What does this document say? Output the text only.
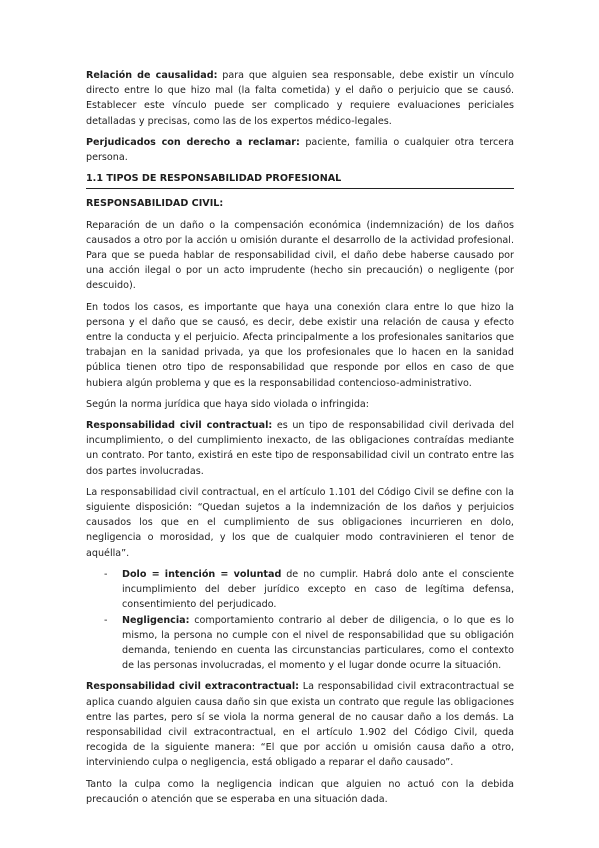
Relación de causalidad: para que alguien sea responsable, debe existir un vínculo directo entre lo que hizo mal (la falta cometida) y el daño o perjuicio que se causó. Establecer este vínculo puede ser complicado y requiere evaluaciones periciales detalladas y precisas, como las de los expertos médico-legales.

Perjudicados con derecho a reclamar: paciente, familia o cualquier otra tercera persona.

1.1 TIPOS DE RESPONSABILIDAD PROFESIONAL
RESPONSABILIDAD CIVIL:

Reparación de un daño o la compensación económica (indemnización) de los daños causados a otro por la acción u omisión durante el desarrollo de la actividad profesional. Para que se pueda hablar de responsabilidad civil, el daño debe haberse causado por una acción ilegal o por un acto imprudente (hecho sin precaución) o negligente (por descuido).

En todos los casos, es importante que haya una conexión clara entre lo que hizo la persona y el daño que se causó, es decir, debe existir una relación de causa y efecto entre la conducta y el perjuicio. Afecta principalmente a los profesionales sanitarios que trabajan en la sanidad privada, ya que los profesionales que lo hacen en la sanidad pública tienen otro tipo de responsabilidad que responde por ellos en caso de que hubiera algún problema y que es la responsabilidad contencioso-administrativo.

Según la norma jurídica que haya sido violada o infringida:

Responsabilidad civil contractual: es un tipo de responsabilidad civil derivada del incumplimiento, o del cumplimiento inexacto, de las obligaciones contraídas mediante un contrato. Por tanto, existirá en este tipo de responsabilidad civil un contrato entre las dos partes involucradas.

La responsabilidad civil contractual, en el artículo 1.101 del Código Civil se define con la siguiente disposición: “Quedan sujetos a la indemnización de los daños y perjuicios causados los que en el cumplimiento de sus obligaciones incurrieren en dolo, negligencia o morosidad, y los que de cualquier modo contravinieren el tenor de aquélla”.

- Dolo = intención = voluntad de no cumplir. Habrá dolo ante el consciente incumplimiento del deber jurídico excepto en caso de legítima defensa, consentimiento del perjudicado.
- Negligencia: comportamiento contrario al deber de diligencia, o lo que es lo mismo, la persona no cumple con el nivel de responsabilidad que su obligación demanda, teniendo en cuenta las circunstancias particulares, como el contexto de las personas involucradas, el momento y el lugar donde ocurre la situación.

Responsabilidad civil extracontractual: La responsabilidad civil extracontractual se aplica cuando alguien causa daño sin que exista un contrato que regule las obligaciones entre las partes, pero sí se viola la norma general de no causar daño a los demás. La responsabilidad civil extracontractual, en el artículo 1.902 del Código Civil, queda recogida de la siguiente manera: “El que por acción u omisión causa daño a otro, interviniendo culpa o negligencia, está obligado a reparar el daño causado”.

Tanto la culpa como la negligencia indican que alguien no actuó con la debida precaución o atención que se esperaba en una situación dada.
